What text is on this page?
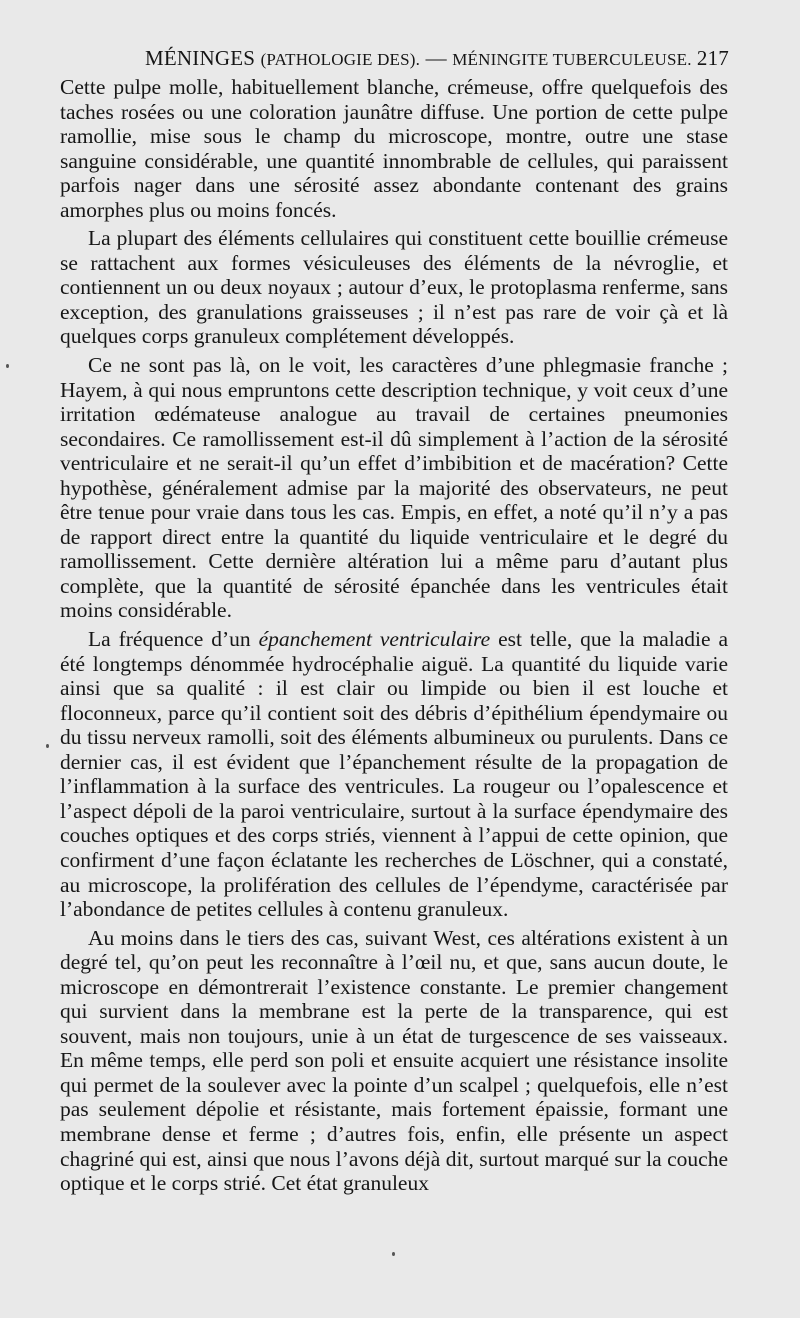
MÉNINGES (PATHOLOGIE DES). — MÉNINGITE TUBERCULEUSE. 217

Cette pulpe molle, habituellement blanche, crémeuse, offre quelquefois des taches rosées ou une coloration jaunâtre diffuse. Une portion de cette pulpe ramollie, mise sous le champ du microscope, montre, outre une stase sanguine considérable, une quantité innombrable de cellules, qui paraissent parfois nager dans une sérosité assez abondante contenant des grains amorphes plus ou moins foncés.

La plupart des éléments cellulaires qui constituent cette bouillie crémeuse se rattachent aux formes vésiculeuses des éléments de la névroglie, et contiennent un ou deux noyaux ; autour d’eux, le protoplasma renferme, sans exception, des granulations graisseuses ; il n’est pas rare de voir çà et là quelques corps granuleux complétement développés.

Ce ne sont pas là, on le voit, les caractères d’une phlegmasie franche ; Hayem, à qui nous empruntons cette description technique, y voit ceux d’une irritation œdémateuse analogue au travail de certaines pneumonies secondaires. Ce ramollissement est-il dû simplement à l’action de la sérosité ventriculaire et ne serait-il qu’un effet d’imbibition et de macération? Cette hypothèse, généralement admise par la majorité des observateurs, ne peut être tenue pour vraie dans tous les cas. Empis, en effet, a noté qu’il n’y a pas de rapport direct entre la quantité du liquide ventriculaire et le degré du ramollissement. Cette dernière altération lui a même paru d’autant plus complète, que la quantité de sérosité épanchée dans les ventricules était moins considérable.

La fréquence d’un épanchement ventriculaire est telle, que la maladie a été longtemps dénommée hydrocéphalie aiguë. La quantité du liquide varie ainsi que sa qualité : il est clair ou limpide ou bien il est louche et floconneux, parce qu’il contient soit des débris d’épithélium épendymaire ou du tissu nerveux ramolli, soit des éléments albumineux ou purulents. Dans ce dernier cas, il est évident que l’épanchement résulte de la propagation de l’inflammation à la surface des ventricules. La rougeur ou l’opalescence et l’aspect dépoli de la paroi ventriculaire, surtout à la surface épendymaire des couches optiques et des corps striés, viennent à l’appui de cette opinion, que confirment d’une façon éclatante les recherches de Löschner, qui a constaté, au microscope, la prolifération des cellules de l’épendyme, caractérisée par l’abondance de petites cellules à contenu granuleux.

Au moins dans le tiers des cas, suivant West, ces altérations existent à un degré tel, qu’on peut les reconnaître à l’œil nu, et que, sans aucun doute, le microscope en démontrerait l’existence constante. Le premier changement qui survient dans la membrane est la perte de la transparence, qui est souvent, mais non toujours, unie à un état de turgescence de ses vaisseaux. En même temps, elle perd son poli et ensuite acquiert une résistance insolite qui permet de la soulever avec la pointe d’un scalpel ; quelquefois, elle n’est pas seulement dépolie et résistante, mais fortement épaissie, formant une membrane dense et ferme ; d’autres fois, enfin, elle présente un aspect chagriné qui est, ainsi que nous l’avons déjà dit, surtout marqué sur la couche optique et le corps strié. Cet état granuleux
